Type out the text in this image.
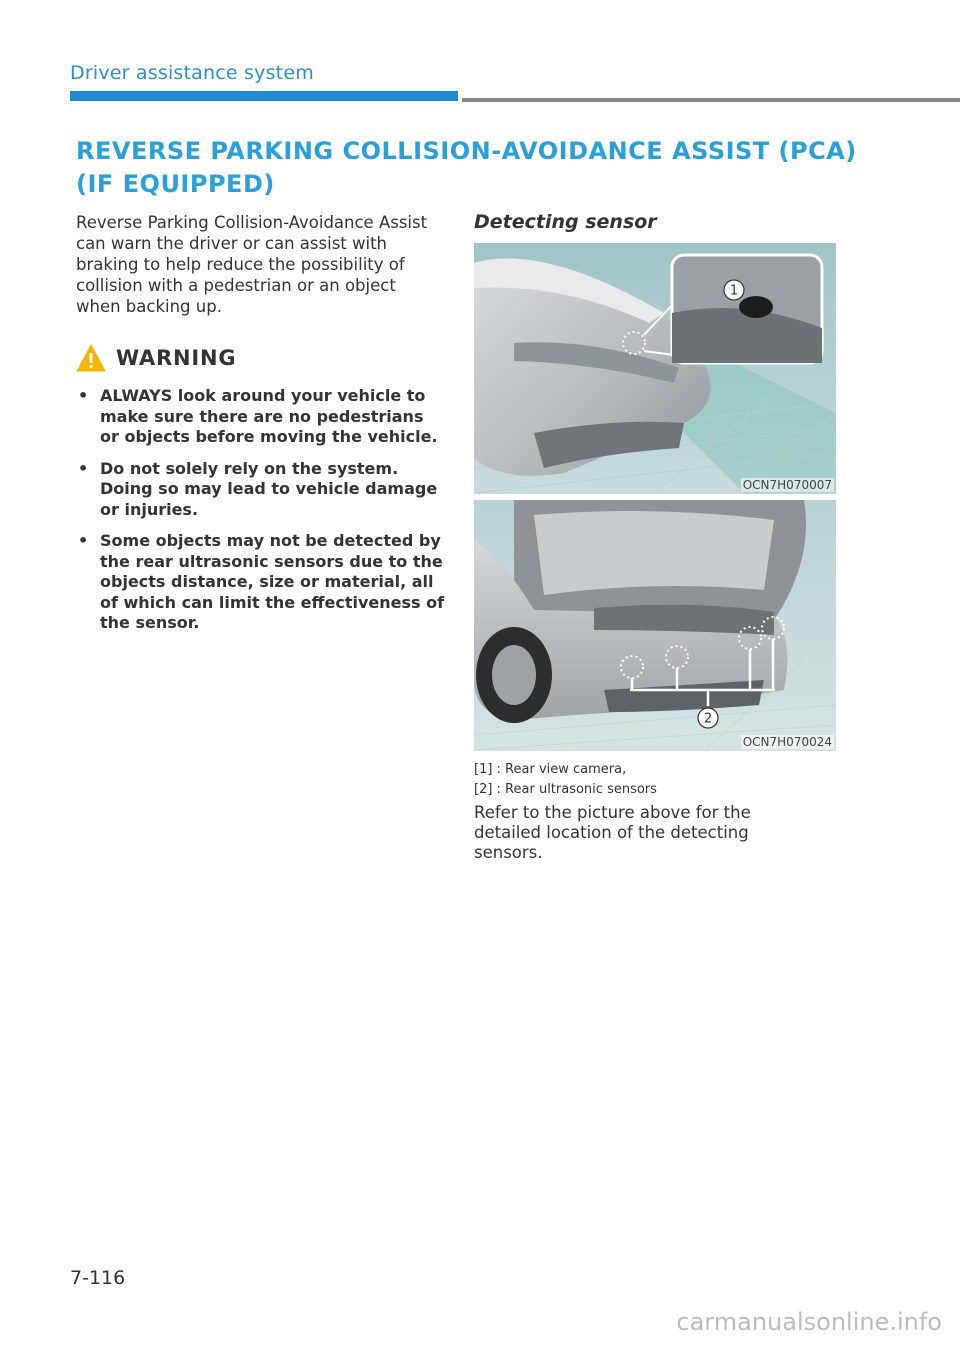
Driver assistance system
REVERSE PARKING COLLISION-AVOIDANCE ASSIST (PCA)
(IF EQUIPPED)
Reverse Parking Collision-Avoidance Assist can warn the driver or can assist with braking to help reduce the possibility of collision with a pedestrian or an object when backing up.
WARNING
• ALWAYS look around your vehicle to make sure there are no pedestrians or objects before moving the vehicle.
• Do not solely rely on the system. Doing so may lead to vehicle damage or injuries.
• Some objects may not be detected by the rear ultrasonic sensors due to the objects distance, size or material, all of which can limit the effectiveness of the sensor.
Detecting sensor
1
OCN7H070007
2
OCN7H070024
[1] : Rear view camera,
[2] : Rear ultrasonic sensors
Refer to the picture above for the detailed location of the detecting sensors.
7-116
carmanualsonline.info
